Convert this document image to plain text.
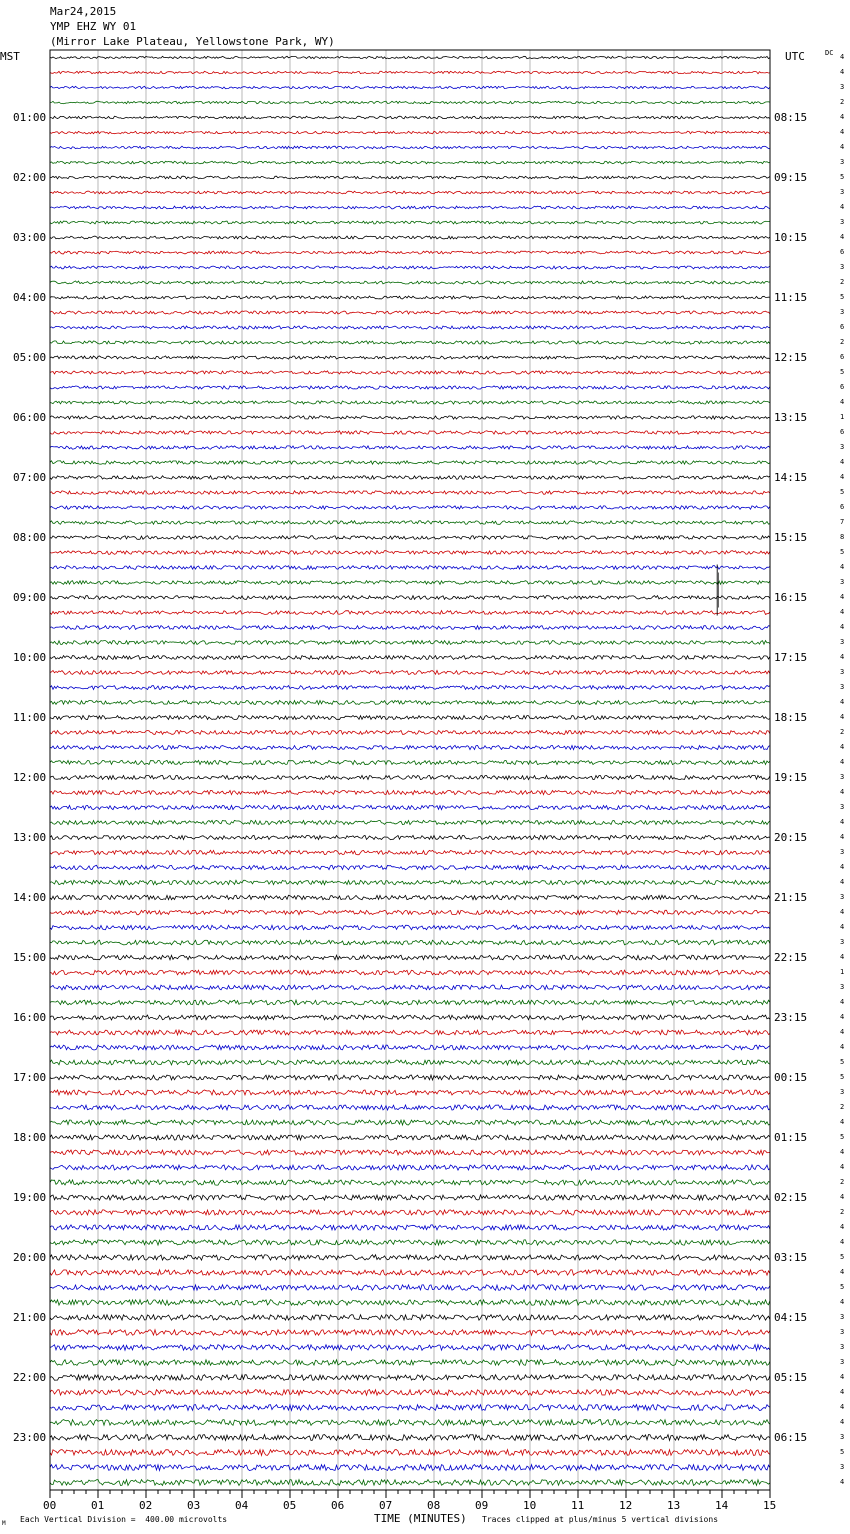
Mar24,2015
YMP EHZ WY 01
(Mirror Lake Plateau, Yellowstone Park, WY)
MST	UTC	DC
01:00
02:00
03:00
04:00
05:00
06:00
07:00
08:00
09:00
10:00
11:00
12:00
13:00
14:00
15:00
16:00
17:00
18:00
19:00
20:00
21:00
22:00
23:00
08:15
09:15
10:15
11:15
12:15
13:15
14:15
15:15
16:15
17:15
18:15
19:15
20:15
21:15
22:15
23:15
00:15
01:15
02:15
03:15
04:15
05:15
06:15
4
4
3
2
4
4
4
3
5
3
4
3
4
6
3
2
5
3
6
2
6
5
6
4
1
6
3
4
4
5
6
7
8
5
4
3
4
4
4
3
4
3
3
4
4
2
4
4
3
4
3
4
4
3
4
4
3
4
4
3
4
1
3
4
4
4
4
5
5
3
2
4
5
4
4
2
4
2
4
4
5
4
5
4
3
3
3
3
4
4
4
4
3
5
3
4
00	01	02	03	04	05	06	07	08	09	10	11	12	13	14	15
M Each Vertical Division =  400.00 microvolts	TIME (MINUTES) Traces clipped at plus/minus 5 vertical divisions
